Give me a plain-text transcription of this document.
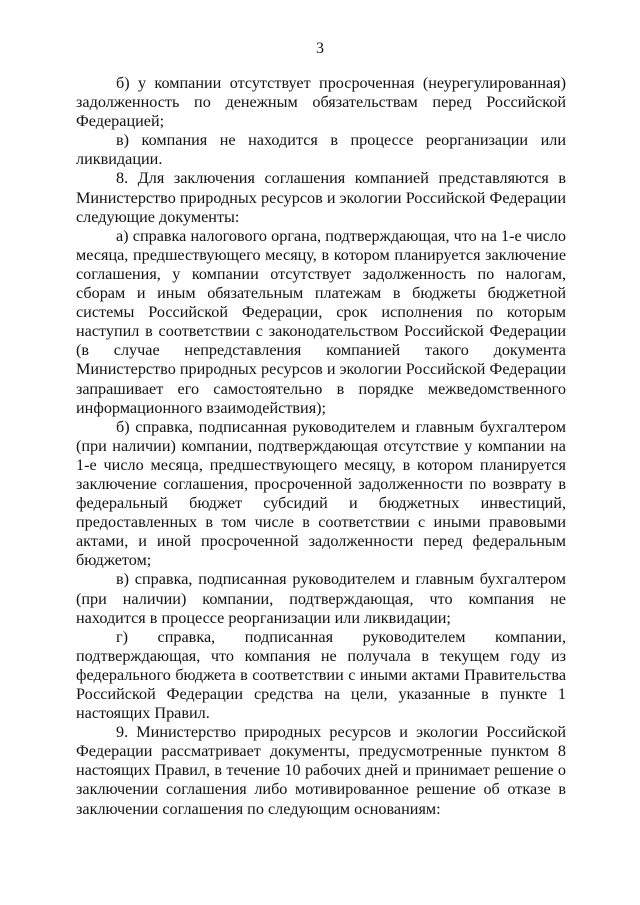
3

б) у компании отсутствует просроченная (неурегулированная) задолженность по денежным обязательствам перед Российской Федерацией;

в) компания не находится в процессе реорганизации или ликвидации.

8. Для заключения соглашения компанией представляются в Министерство природных ресурсов и экологии Российской Федерации следующие документы:

а) справка налогового органа, подтверждающая, что на 1-е число месяца, предшествующего месяцу, в котором планируется заключение соглашения, у компании отсутствует задолженность по налогам, сборам и иным обязательным платежам в бюджеты бюджетной системы Российской Федерации, срок исполнения по которым наступил в соответствии с законодательством Российской Федерации (в случае непредставления компанией такого документа Министерство природных ресурсов и экологии Российской Федерации запрашивает его самостоятельно в порядке межведомственного информационного взаимодействия);

б) справка, подписанная руководителем и главным бухгалтером (при наличии) компании, подтверждающая отсутствие у компании на 1-е число месяца, предшествующего месяцу, в котором планируется заключение соглашения, просроченной задолженности по возврату в федеральный бюджет субсидий и бюджетных инвестиций, предоставленных в том числе в соответствии с иными правовыми актами, и иной просроченной задолженности перед федеральным бюджетом;

в) справка, подписанная руководителем и главным бухгалтером (при наличии) компании, подтверждающая, что компания не находится в процессе реорганизации или ликвидации;

г) справка, подписанная руководителем компании, подтверждающая, что компания не получала в текущем году из федерального бюджета в соответствии с иными актами Правительства Российской Федерации средства на цели, указанные в пункте 1 настоящих Правил.

9. Министерство природных ресурсов и экологии Российской Федерации рассматривает документы, предусмотренные пунктом 8 настоящих Правил, в течение 10 рабочих дней и принимает решение о заключении соглашения либо мотивированное решение об отказе в заключении соглашения по следующим основаниям:
